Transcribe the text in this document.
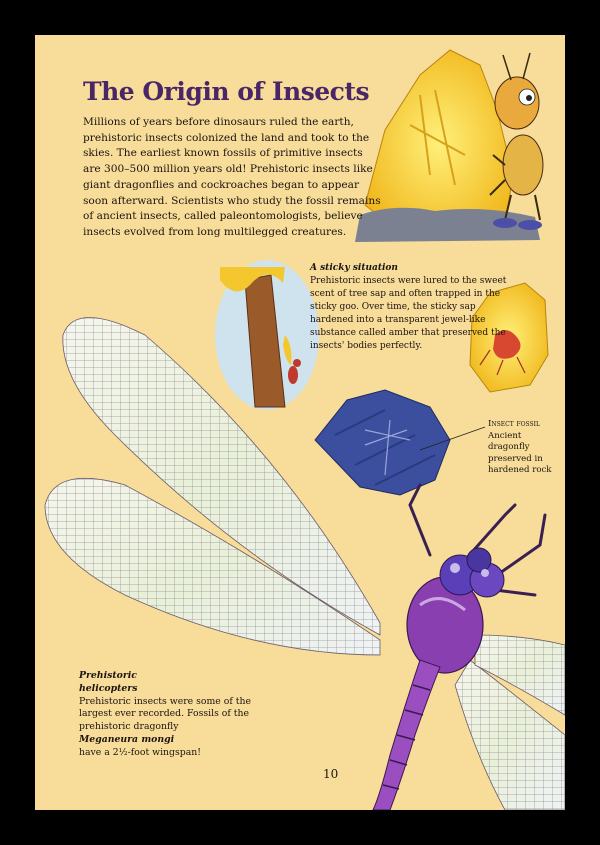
The Origin of Insects

Millions of years before dinosaurs ruled the earth, prehistoric insects colonized the land and took to the skies. The earliest known fossils of primitive insects are 300–500 million years old! Prehistoric insects like giant dragonflies and cockroaches began to appear soon afterward. Scientists who study the fossil remains of ancient insects, called paleontomologists, believe insects evolved from long multilegged creatures.

A sticky situation
Prehistoric insects were lured to the sweet scent of tree sap and often trapped in the sticky goo. Over time, the sticky sap hardened into a transparent jewel-like substance called amber that preserved the insects' bodies perfectly.
Insect fossil
Ancient dragonfly preserved in hardened rock
Prehistoric helicopters
Prehistoric insects were some of the largest ever recorded. Fossils of the prehistoric dragonfly
Meganeura mongi
have a 2½-foot wingspan!
10
